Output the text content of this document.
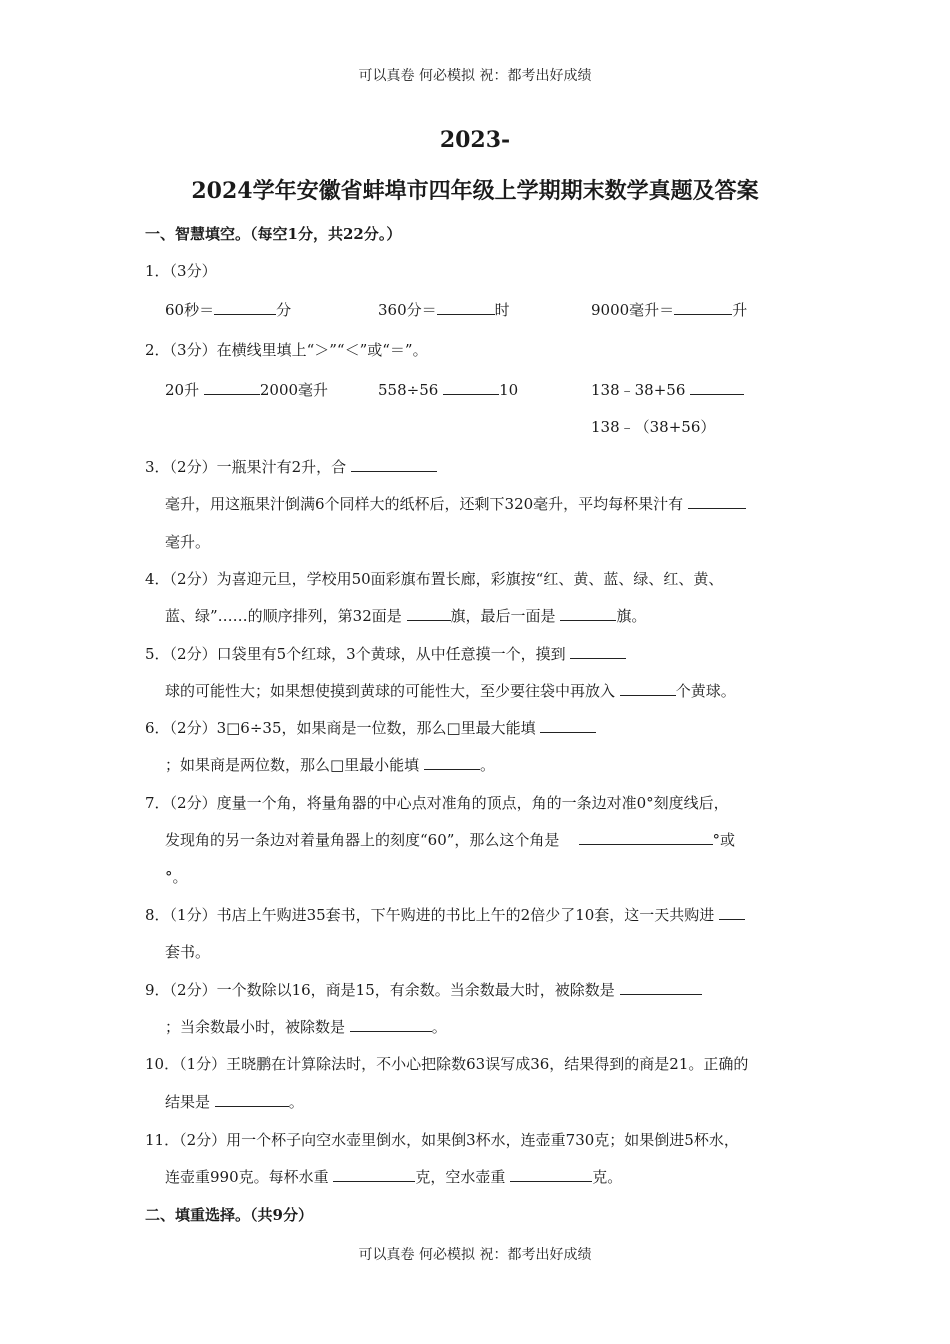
可以真卷 何必模拟 祝：都考出好成绩
2023-
2024学年安徽省蚌埠市四年级上学期期末数学真题及答案
一、智慧填空。（每空1分，共22分。）
1．（3分）
60秒＝	分	360分＝	时	9000毫升＝	升
2．（3分）在横线里填上“＞”“＜”或“＝”。
20升	2000毫升	558÷56	10	138﹣38+56
138﹣（38+56）
3．（2分）一瓶果汁有2升，合
毫升，用这瓶果汁倒满6个同样大的纸杯后，还剩下320毫升，平均每杯果汁有
毫升。
4．（2分）为喜迎元旦，学校用50面彩旗布置长廊，彩旗按“红、黄、蓝、绿、红、黄、
蓝、绿”……的顺序排列，第32面是	旗，最后一面是	旗。
5．（2分）口袋里有5个红球，3个黄球，从中任意摸一个，摸到
球的可能性大；如果想使摸到黄球的可能性大，至少要往袋中再放入	个黄球。
6．（2分）3□6÷35，如果商是一位数，那么□里最大能填
；如果商是两位数，那么□里最小能填	。
7．（2分）度量一个角，将量角器的中心点对准角的顶点，角的一条边对准0°刻度线后，
发现角的另一条边对着量角器上的刻度“60”，那么这个角是	°或
°。
8．（1分）书店上午购进35套书，下午购进的书比上午的2倍少了10套，这一天共购进
套书。
9．（2分）一个数除以16，商是15，有余数。当余数最大时，被除数是
；当余数最小时，被除数是	。
10．（1分）王晓鹏在计算除法时，不小心把除数63误写成36，结果得到的商是21。正确的
结果是	。
11．（2分）用一个杯子向空水壶里倒水，如果倒3杯水，连壶重730克；如果倒进5杯水，
连壶重990克。每杯水重	克，空水壶重	克。
二、填重选择。（共9分）
可以真卷 何必模拟 祝：都考出好成绩
